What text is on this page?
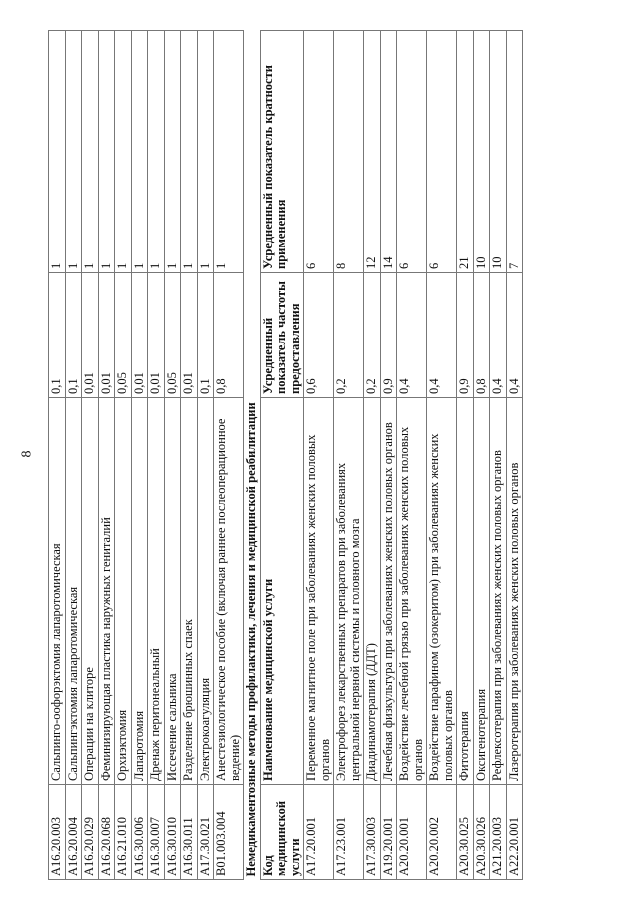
8
A16.20.003	Сальпинго-оофорэктомия лапаротомическая	0,1	1
A16.20.004	Сальпингэктомия лапаротомическая	0,1	1
A16.20.029	Операции на клиторе	0,01	1
A16.20.068	Феминизирующая пластика наружных гениталий	0,01	1
A16.21.010	Орхиэктомия	0,05	1
A16.30.006	Лапаротомия	0,01	1
A16.30.007	Дренаж перитонеальный	0,01	1
A16.30.010	Иссечение сальника	0,05	1
A16.30.011	Разделение брюшинных спаек	0,01	1
A17.30.021	Электрокоагуляция	0,1	1
B01.003.004	Анестезиологическое пособие (включая раннее послеоперационное ведение)	0,8	1
Немедикаментозные методы профилактики, лечения и медицинской реабилитации			
Код медицинской услуги	Наименование медицинской услуги	Усредненный показатель частоты предоставления	Усредненный показатель кратности применения
A17.20.001	Переменное магнитное поле при заболеваниях женских половых органов	0,6	6
A17.23.001	Электрофорез лекарственных препаратов при заболеваниях центральной нервной системы и головного мозга	0,2	8
A17.30.003	Диадинамотерапия (ДДТ)	0,2	12
A19.20.001	Лечебная физкультура при заболеваниях женских половых органов	0,9	14
A20.20.001	Воздействие лечебной грязью при заболеваниях женских половых органов	0,4	6
A20.20.002	Воздействие парафином (озокеритом) при заболеваниях женских половых органов	0,4	6
A20.30.025	Фитотерапия	0,9	21
A20.30.026	Оксигенотерапия	0,8	10
A21.20.003	Рефлексотерапия при заболеваниях женских половых органов	0,4	10
A22.20.001	Лазеротерапия при заболеваниях женских половых органов	0,4	7
